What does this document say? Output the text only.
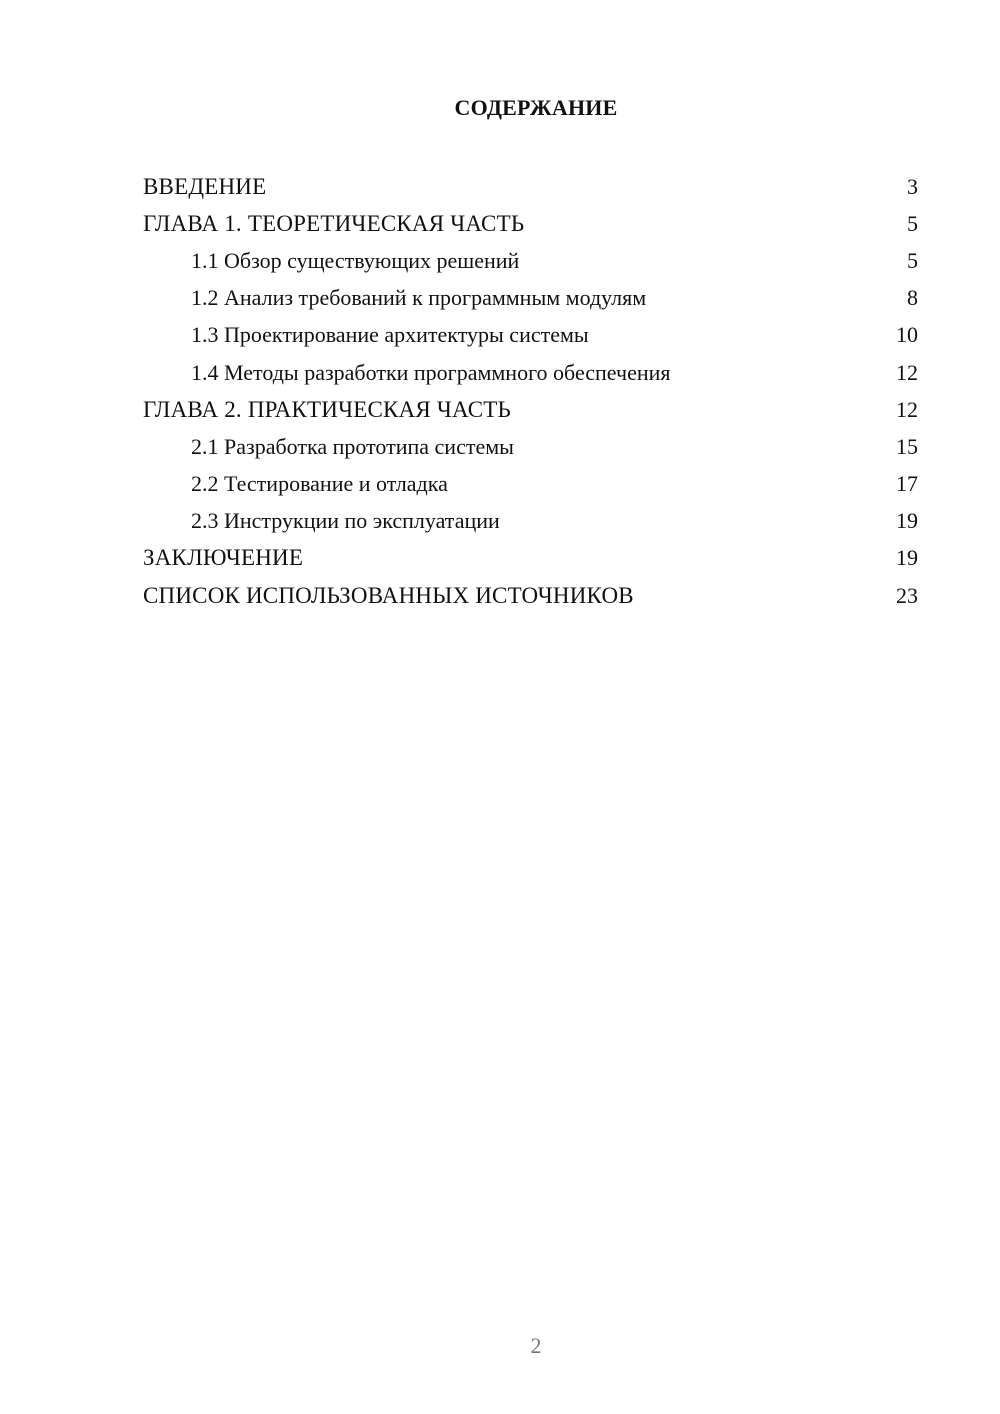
СОДЕРЖАНИЕ
ВВЕДЕНИЕ	3
ГЛАВА 1. ТЕОРЕТИЧЕСКАЯ ЧАСТЬ	5
1.1 Обзор существующих решений	5
1.2 Анализ требований к программным модулям	8
1.3 Проектирование архитектуры системы	10
1.4 Методы разработки программного обеспечения	12
ГЛАВА 2. ПРАКТИЧЕСКАЯ ЧАСТЬ	12
2.1 Разработка прототипа системы	15
2.2 Тестирование и отладка	17
2.3 Инструкции по эксплуатации	19
ЗАКЛЮЧЕНИЕ	19
СПИСОК ИСПОЛЬЗОВАННЫХ ИСТОЧНИКОВ	23
2
